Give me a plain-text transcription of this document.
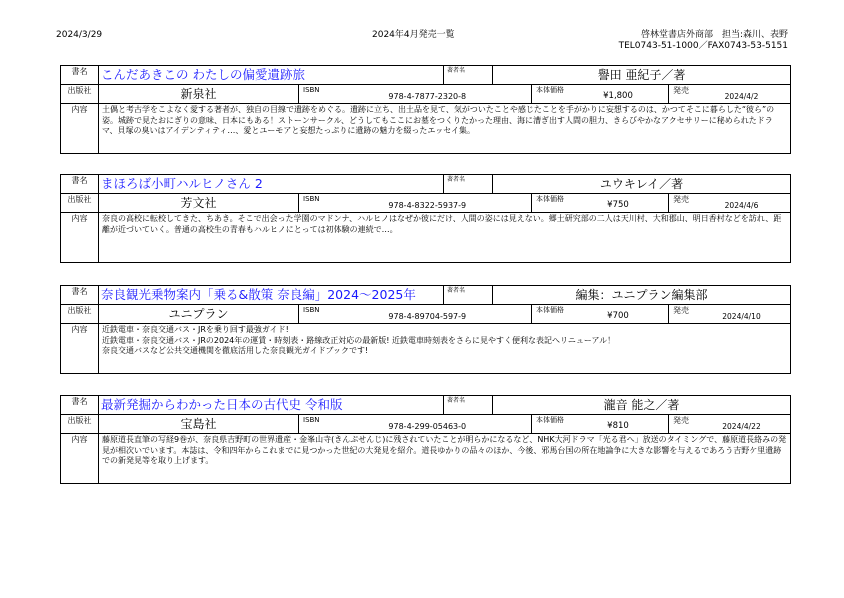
2024/3/29	2024年4月発売一覧	啓林堂書店外商部　担当:森川、表野
TEL0743-51-1000／FAX0743-53-5151
書名	こんだあきこの わたしの偏愛遺跡旅	著者名	譽田 亜紀子／著
出版社	新泉社	ISBN
978-4-7877-2320-8
本体価格
¥1,800
発売
2024/4/2
内容	土偶と考古学をこよなく愛する著者が、独自の目線で遺跡をめぐる。遺跡に立ち、出土品を見て、気がついたことや感じたことを手がかりに妄想するのは、かつてそこに暮らした“彼ら”の姿。城跡で見たおにぎりの意味、日本にもある！ストーンサークル、どうしてもここにお墓をつくりたかった理由、海に漕ぎ出す人間の胆力、きらびやかなアクセサリーに秘められたドラマ、貝塚の臭いはアイデンティティ…、愛とユーモアと妄想たっぷりに遺跡の魅力を綴ったエッセイ集。
書名	まほろば小町ハルヒノさん 2	著者名	ユウキレイ／著
出版社	芳文社	ISBN
978-4-8322-5937-9
本体価格
¥750
発売
2024/4/6
内容	奈良の高校に転校してきた、ちあき。そこで出会った学園のマドンナ、ハルヒノはなぜか彼にだけ、人間の姿には見えない。郷土研究部の二人は天川村、大和郡山、明日香村などを訪れ、距離が近づいていく。普通の高校生の青春もハルヒノにとっては初体験の連続で…。
書名	奈良観光乗物案内「乗る&散策 奈良編」2024～2025年	著者名	編集：ユニプラン編集部
出版社	ユニプラン	ISBN
978-4-89704-597-9
本体価格
¥700
発売
2024/4/10
内容	近鉄電車・奈良交通バス・JRを乗り回す最強ガイド!
近鉄電車・奈良交通バス・JRの2024年の運賃・時刻表・路線改正対応の最新版! 近鉄電車時刻表をさらに見やすく便利な表記へリニューアル！
奈良交通バスなど公共交通機関を徹底活用した奈良観光ガイドブックです!
書名	最新発掘からわかった日本の古代史 令和版	著者名	瀧音 能之／著
出版社	宝島社	ISBN
978-4-299-05463-0
本体価格
¥810
発売
2024/4/22
内容	藤原道長直筆の写経9巻が、奈良県吉野町の世界遺産・金峯山寺(きんぷせんじ)に残されていたことが明らかになるなど、NHK大河ドラマ「光る君へ」放送のタイミングで、藤原道長絡みの発見が相次いでいます。本誌は、令和四年からこれまでに見つかった世紀の大発見を紹介。道長ゆかりの品々のほか、今後、邪馬台国の所在地論争に大きな影響を与えるであろう吉野ケ里遺跡での新発見等を取り上げます。
